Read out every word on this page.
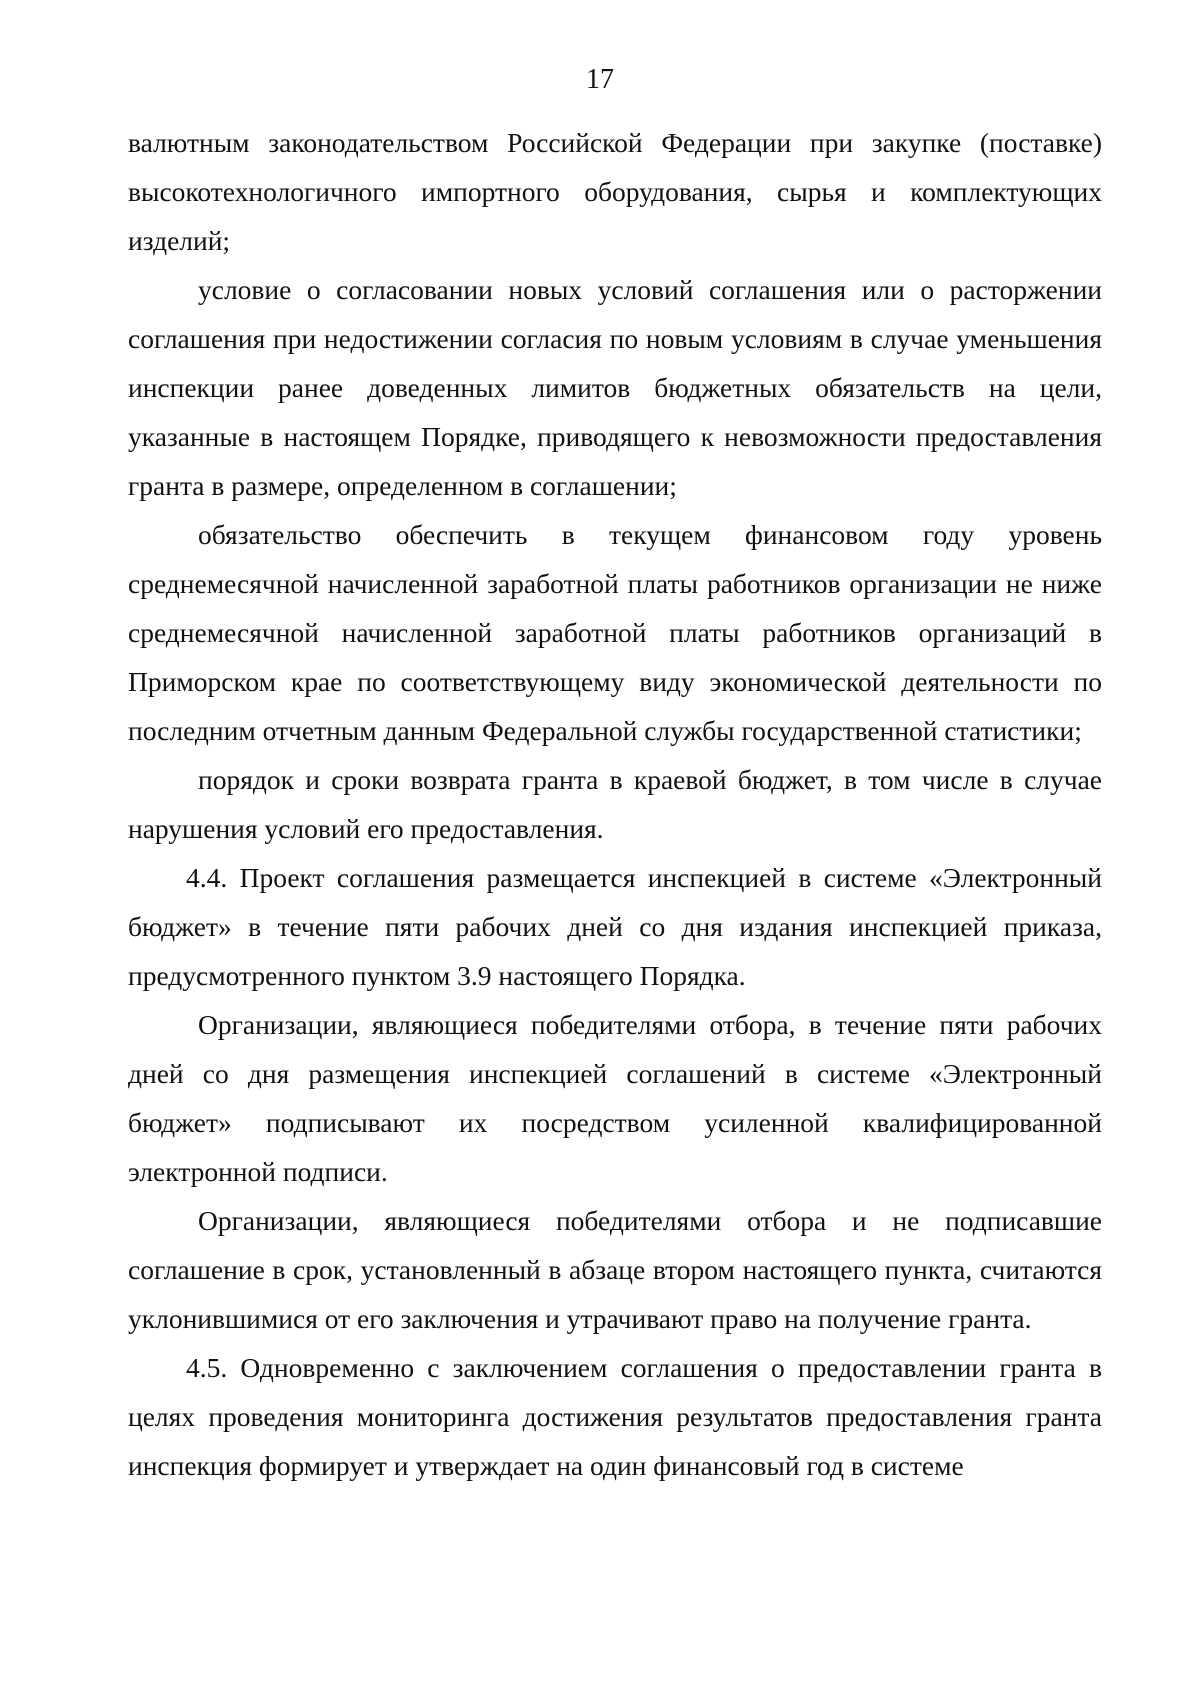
17

валютным законодательством Российской Федерации при закупке (поставке) высокотехнологичного импортного оборудования, сырья и комплектующих изделий;

условие о согласовании новых условий соглашения или о расторжении соглашения при недостижении согласия по новым условиям в случае уменьшения инспекции ранее доведенных лимитов бюджетных обязательств на цели, указанные в настоящем Порядке, приводящего к невозможности предоставления гранта в размере, определенном в соглашении;

обязательство обеспечить в текущем финансовом году уровень среднемесячной начисленной заработной платы работников организации не ниже среднемесячной начисленной заработной платы работников организаций в Приморском крае по соответствующему виду экономической деятельности по последним отчетным данным Федеральной службы государственной статистики;

порядок и сроки возврата гранта в краевой бюджет, в том числе в случае нарушения условий его предоставления.

4.4. Проект соглашения размещается инспекцией в системе «Электронный бюджет» в течение пяти рабочих дней со дня издания инспекцией приказа, предусмотренного пунктом 3.9 настоящего Порядка.

Организации, являющиеся победителями отбора, в течение пяти рабочих дней со дня размещения инспекцией соглашений в системе «Электронный бюджет» подписывают их посредством усиленной квалифицированной электронной подписи.

Организации, являющиеся победителями отбора и не подписавшие соглашение в срок, установленный в абзаце втором настоящего пункта, считаются уклонившимися от его заключения и утрачивают право на получение гранта.

4.5. Одновременно с заключением соглашения о предоставлении гранта в целях проведения мониторинга достижения результатов предоставления гранта инспекция формирует и утверждает на один финансовый год в системе
